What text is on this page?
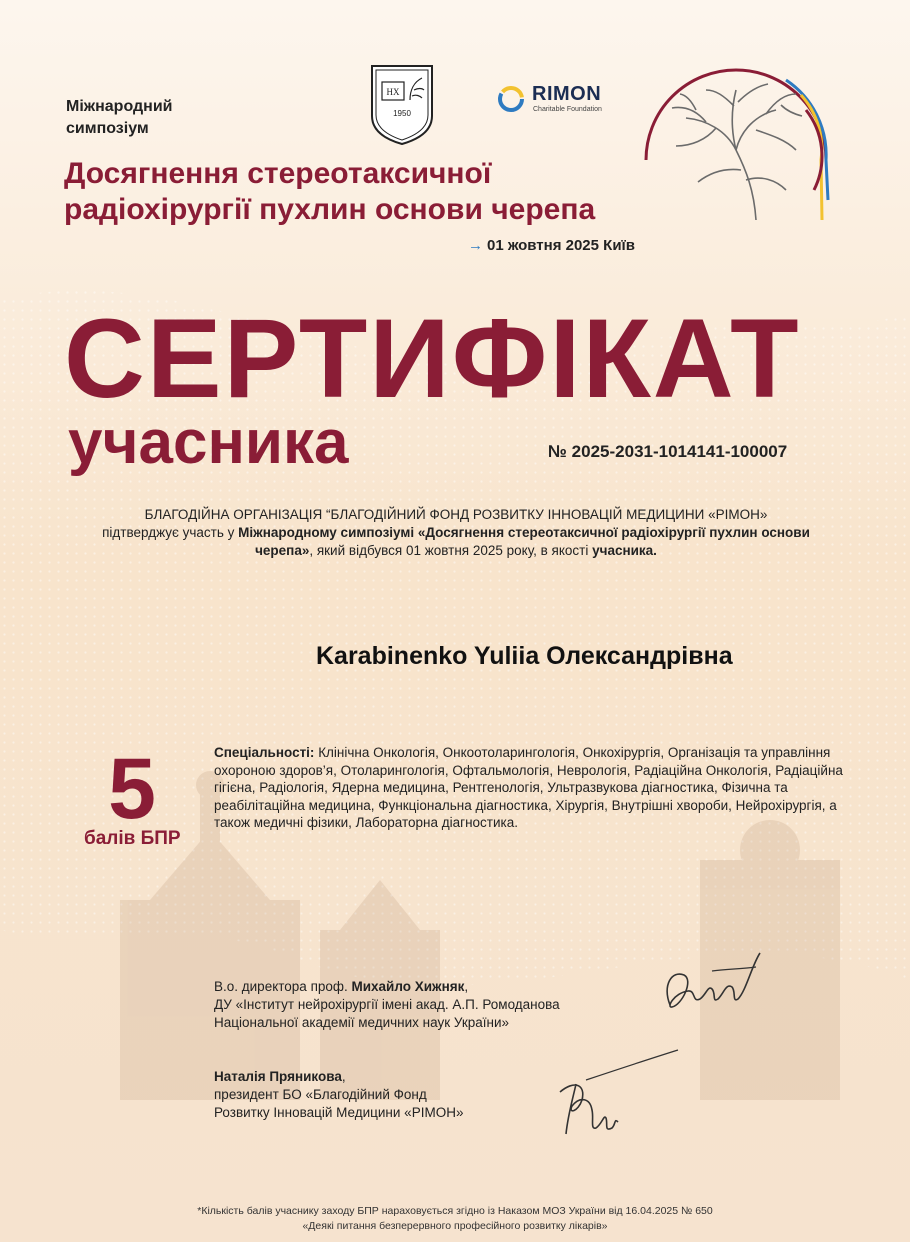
Міжнародний
симпозіум
НХ
1950
RIMON
Charitable Foundation
Досягнення стереотаксичної
радіохірургії пухлин основи черепа
→ 01 жовтня 2025 Київ
СЕРТИФІКАТ
учасника	№ 2025-2031-1014141-100007
БЛАГОДІЙНА ОРГАНІЗАЦІЯ “БЛАГОДІЙНИЙ ФОНД РОЗВИТКУ ІННОВАЦІЙ МЕДИЦИНИ «РІМОН»
підтверджує участь у Міжнародному симпозіумі «Досягнення стереотаксичної радіохірургії пухлин основи черепа», який відбувся 01 жовтня 2025 року, в якості учасника.
Karabinenko Yuliia Олександрівна
5
балів БПР
Спеціальності: Клінічна Онкологія, Онкоотоларингологія, Онкохірургія, Організація та управління охороною здоров’я, Отоларингологія, Офтальмологія, Неврологія, Радіаційна Онкологія, Радіаційна гігієна, Радіологія, Ядерна медицина, Рентгенологія, Ультразвукова діагностика, Фізична та реабілітаційна медицина, Функціональна діагностика, Хірургія, Внутрішні хвороби, Нейрохірургія, а також медичні фізики, Лабораторна діагностика.
В.о. директора проф. Михайло Хижняк,
ДУ «Інститут нейрохірургії імені акад. А.П. Ромоданова
Національної академії медичних наук України»
Наталія Пряникова,
президент БО «Благодійний Фонд
Розвитку Інновацій Медицини «РІМОН»
*Кількість балів учаснику заходу БПР нараховується згідно із Наказом МОЗ України від 16.04.2025 № 650
«Деякі питання безперервного професійного розвитку лікарів»
